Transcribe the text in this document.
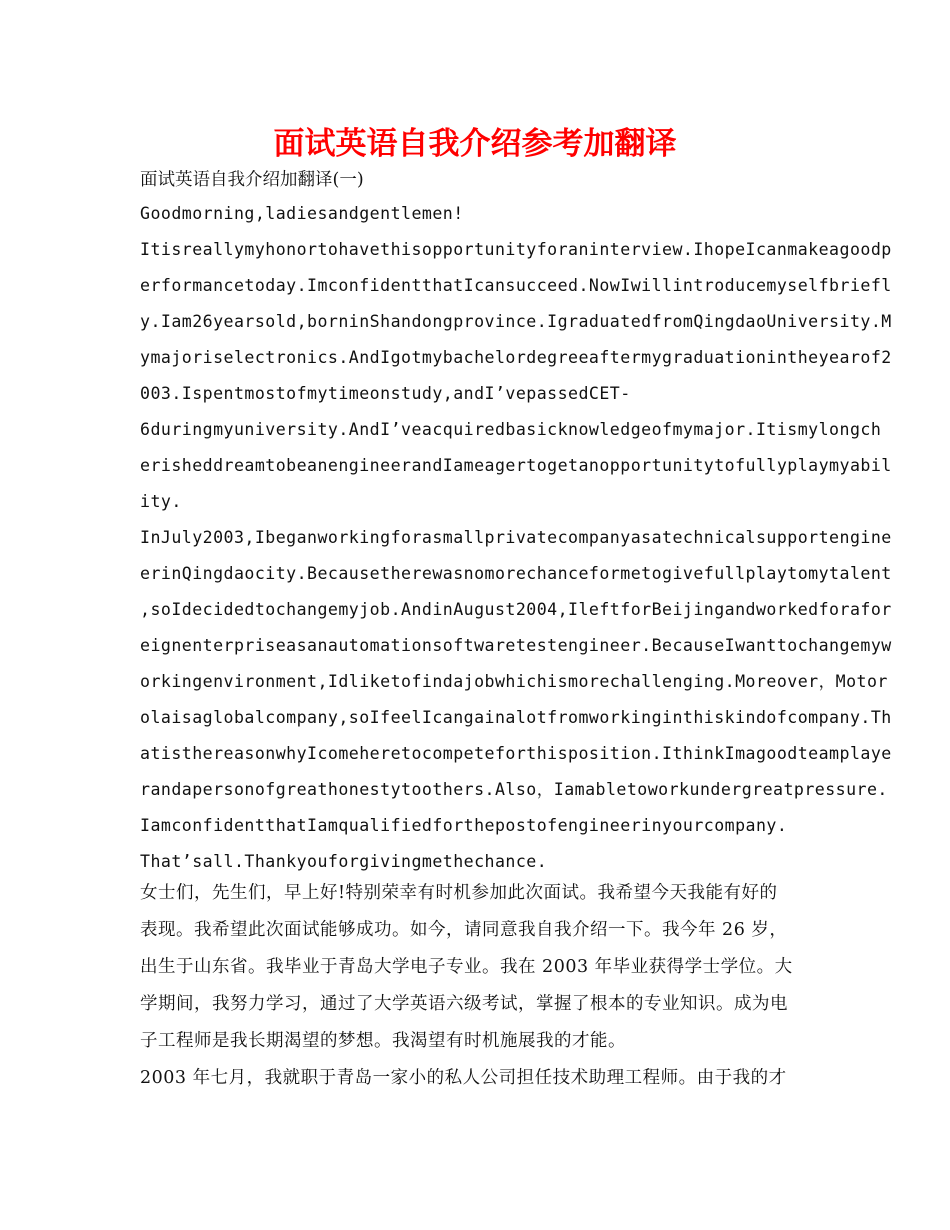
面试英语自我介绍参考加翻译

面试英语自我介绍加翻译(一)

Goodmorning,ladiesandgentlemen!

Itisreallymyhonortohavethisopportunityforaninterview.IhopeIcanmakeagoodp

erformancetoday.ImconfidentthatIcansucceed.NowIwillintroducemyselfbriefl

y.Iam26yearsold,borninShandongprovince.IgraduatedfromQingdaoUniversity.M

ymajoriselectronics.AndIgotmybachelordegreeaftermygraduationintheyearof2

003.Ispentmostofmytimeonstudy,andI’vepassedCET-

6duringmyuniversity.AndI’veacquiredbasicknowledgeofmymajor.Itismylongch

erisheddreamtobeanengineerandIameagertogetanopportunitytofullyplaymyabil

ity.

InJuly2003,Ibeganworkingforasmallprivatecompanyasatechnicalsupportengine

erinQingdaocity.Becausetherewasnomorechanceformetogivefullplaytomytalent

,soIdecidedtochangemyjob.AndinAugust2004,IleftforBeijingandworkedforafor

eignenterpriseasanautomationsoftwaretestengineer.BecauseIwanttochangemyw

orkingenvironment,Idliketofindajobwhichismorechallenging.Moreover，Motor

olaisaglobalcompany,soIfeelIcangainalotfromworkinginthiskindofcompany.Th

atisthereasonwhyIcomeheretocompeteforthisposition.IthinkImagoodteamplaye

randapersonofgreathonestytoothers.Also，Iamabletoworkundergreatpressure.

IamconfidentthatIamqualifiedforthepostofengineerinyourcompany.

That’sall.Thankyouforgivingmethechance.

女士们，先生们，早上好!特别荣幸有时机参加此次面试。我希望今天我能有好的

表现。我希望此次面试能够成功。如今，请同意我自我介绍一下。我今年 26 岁，

出生于山东省。我毕业于青岛大学电子专业。我在 2003 年毕业获得学士学位。大

学期间，我努力学习，通过了大学英语六级考试，掌握了根本的专业知识。成为电

子工程师是我长期渴望的梦想。我渴望有时机施展我的才能。

2003 年七月，我就职于青岛一家小的私人公司担任技术助理工程师。由于我的才
